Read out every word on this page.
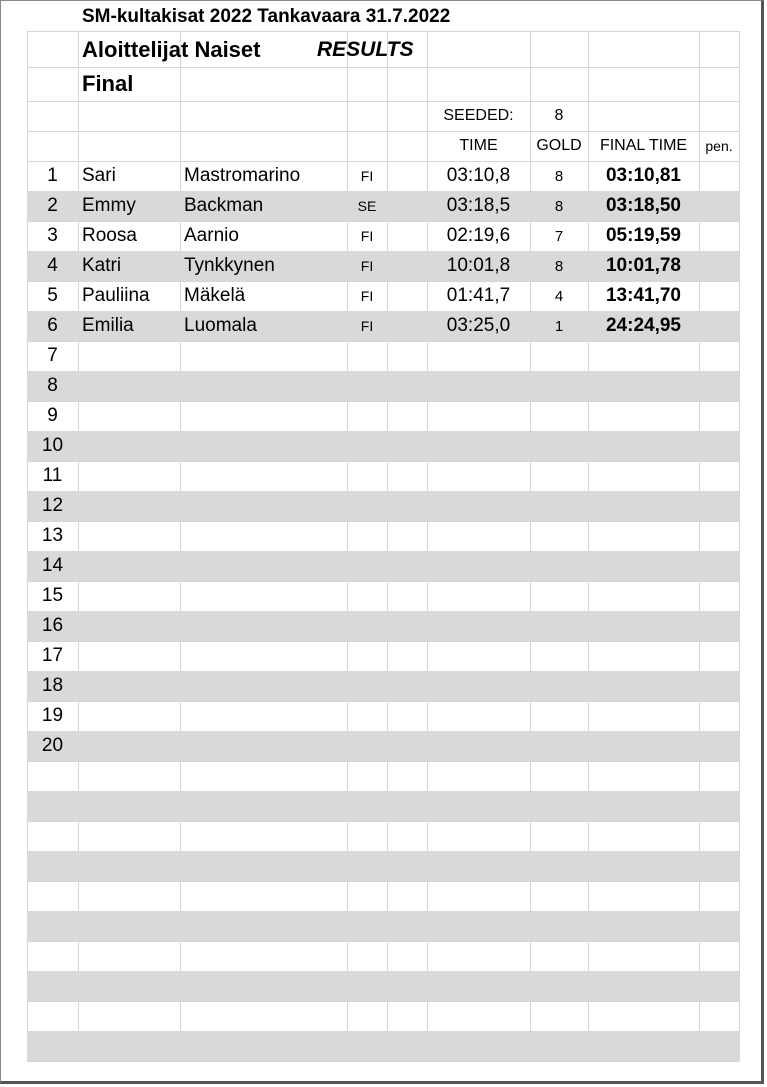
SM-kultakisat 2022 Tankavaara 31.7.2022
Aloittelijat Naiset	RESULTS
Final
SEEDED:	8
TIME	GOLD	FINAL TIME	pen.
1	Sari	Mastromarino	FI	03:10,8	8	03:10,81
2	Emmy	Backman	SE	03:18,5	8	03:18,50
3	Roosa	Aarnio	FI	02:19,6	7	05:19,59
4	Katri	Tynkkynen	FI	10:01,8	8	10:01,78
5	Pauliina	Mäkelä	FI	01:41,7	4	13:41,70
6	Emilia	Luomala	FI	03:25,0	1	24:24,95
7
8
9
10
11
12
13
14
15
16
17
18
19
20
